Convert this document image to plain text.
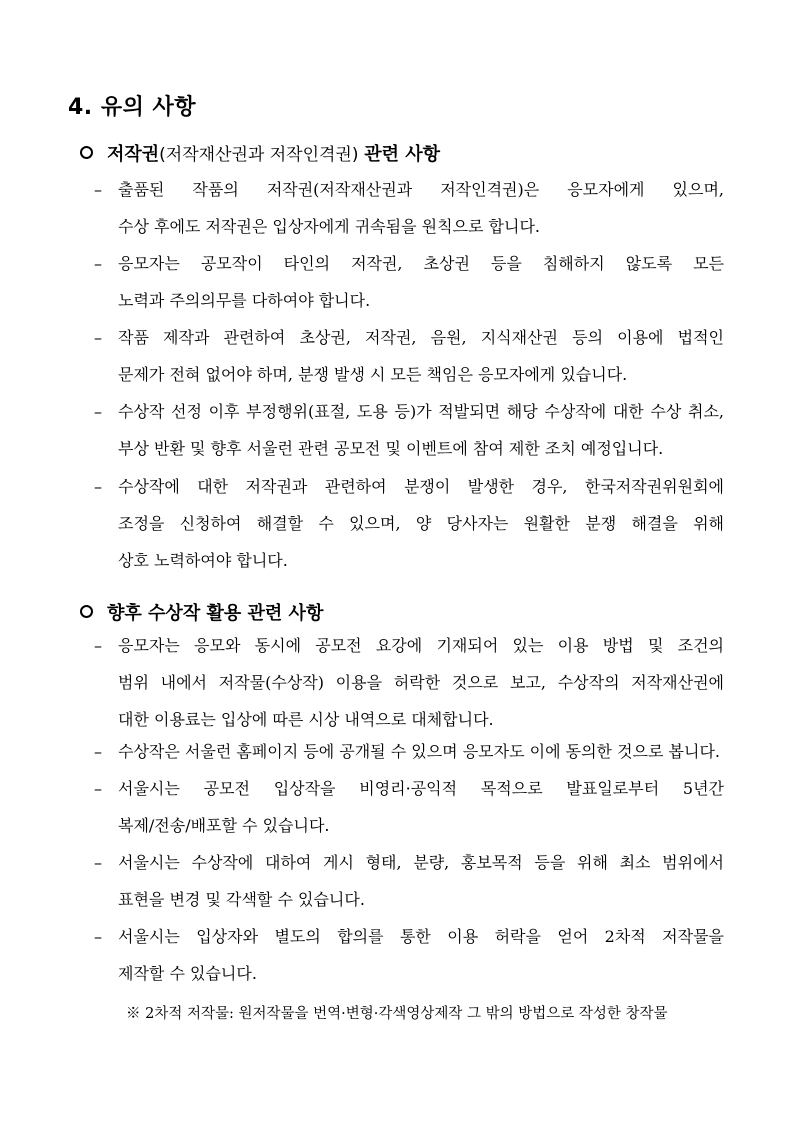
4. 유의 사항
저작권(저작재산권과 저작인격권) 관련 사항
– 출품된 작품의 저작권(저작재산권과 저작인격권)은 응모자에게 있으며,
수상 후에도 저작권은 입상자에게 귀속됨을 원칙으로 합니다.
– 응모자는 공모작이 타인의 저작권, 초상권 등을 침해하지 않도록 모든
노력과 주의의무를 다하여야 합니다.
– 작품 제작과 관련하여 초상권, 저작권, 음원, 지식재산권 등의 이용에 법적인
문제가 전혀 없어야 하며, 분쟁 발생 시 모든 책임은 응모자에게 있습니다.
– 수상작 선정 이후 부정행위(표절, 도용 등)가 적발되면 해당 수상작에 대한 수상 취소,
부상 반환 및 향후 서울런 관련 공모전 및 이벤트에 참여 제한 조치 예정입니다.
– 수상작에 대한 저작권과 관련하여 분쟁이 발생한 경우, 한국저작권위원회에
조정을 신청하여 해결할 수 있으며, 양 당사자는 원활한 분쟁 해결을 위해
상호 노력하여야 합니다.
향후 수상작 활용 관련 사항
– 응모자는 응모와 동시에 공모전 요강에 기재되어 있는 이용 방법 및 조건의
범위 내에서 저작물(수상작) 이용을 허락한 것으로 보고, 수상작의 저작재산권에
대한 이용료는 입상에 따른 시상 내역으로 대체합니다.
– 수상작은 서울런 홈페이지 등에 공개될 수 있으며 응모자도 이에 동의한 것으로 봅니다.
– 서울시는 공모전 입상작을 비영리·공익적 목적으로 발표일로부터 5년간
복제/전송/배포할 수 있습니다.
– 서울시는 수상작에 대하여 게시 형태, 분량, 홍보목적 등을 위해 최소 범위에서
표현을 변경 및 각색할 수 있습니다.
– 서울시는 입상자와 별도의 합의를 통한 이용 허락을 얻어 2차적 저작물을
제작할 수 있습니다.
※ 2차적 저작물: 원저작물을 번역·변형·각색영상제작 그 밖의 방법으로 작성한 창작물
